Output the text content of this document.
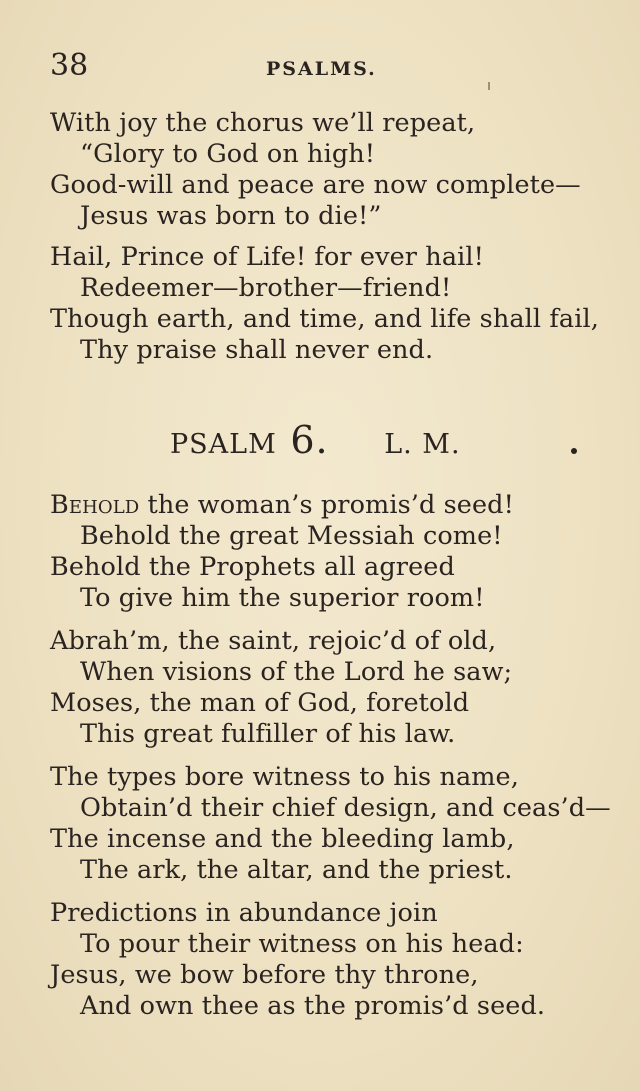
38	PSALMS.
With joy the chorus we’ll repeat,
“Glory to God on high!
Good-will and peace are now complete—
Jesus was born to die!”
Hail, Prince of Life! for ever hail!
Redeemer—brother—friend!
Though earth, and time, and life shall fail,
Thy praise shall never end.
PSALM 6. L. M.
Behold the woman’s promis’d seed!
Behold the great Messiah come!
Behold the Prophets all agreed
To give him the superior room!
Abrah’m, the saint, rejoic’d of old,
When visions of the Lord he saw;
Moses, the man of God, foretold
This great fulfiller of his law.
The types bore witness to his name,
Obtain’d their chief design, and ceas’d—
The incense and the bleeding lamb,
The ark, the altar, and the priest.
Predictions in abundance join
To pour their witness on his head:
Jesus, we bow before thy throne,
And own thee as the promis’d seed.
